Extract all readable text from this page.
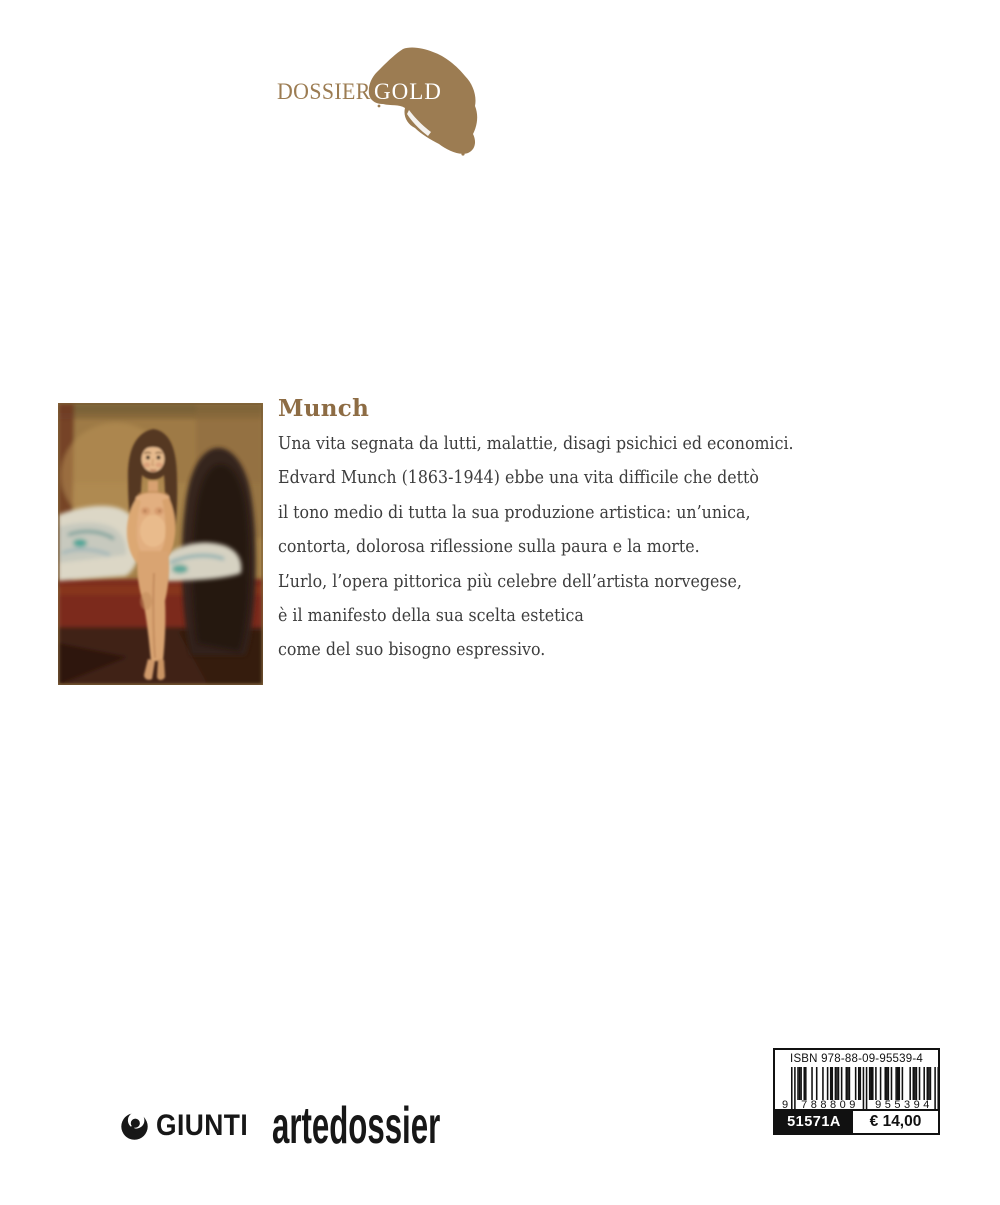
DOSSIER GOLD
Munch
Una vita segnata da lutti, malattie, disagi psichici ed economici.
Edvard Munch (1863-1944) ebbe una vita difficile che dettò
il tono medio di tutta la sua produzione artistica: un’unica,
contorta, dolorosa riflessione sulla paura e la morte.
L’urlo, l’opera pittorica più celebre dell’artista norvegese,
è il manifesto della sua scelta estetica
come del suo bisogno espressivo.
GIUNTI artedossier
ISBN 978-88-09-95539-4
9 788809 955394
51571A	€ 14,00
